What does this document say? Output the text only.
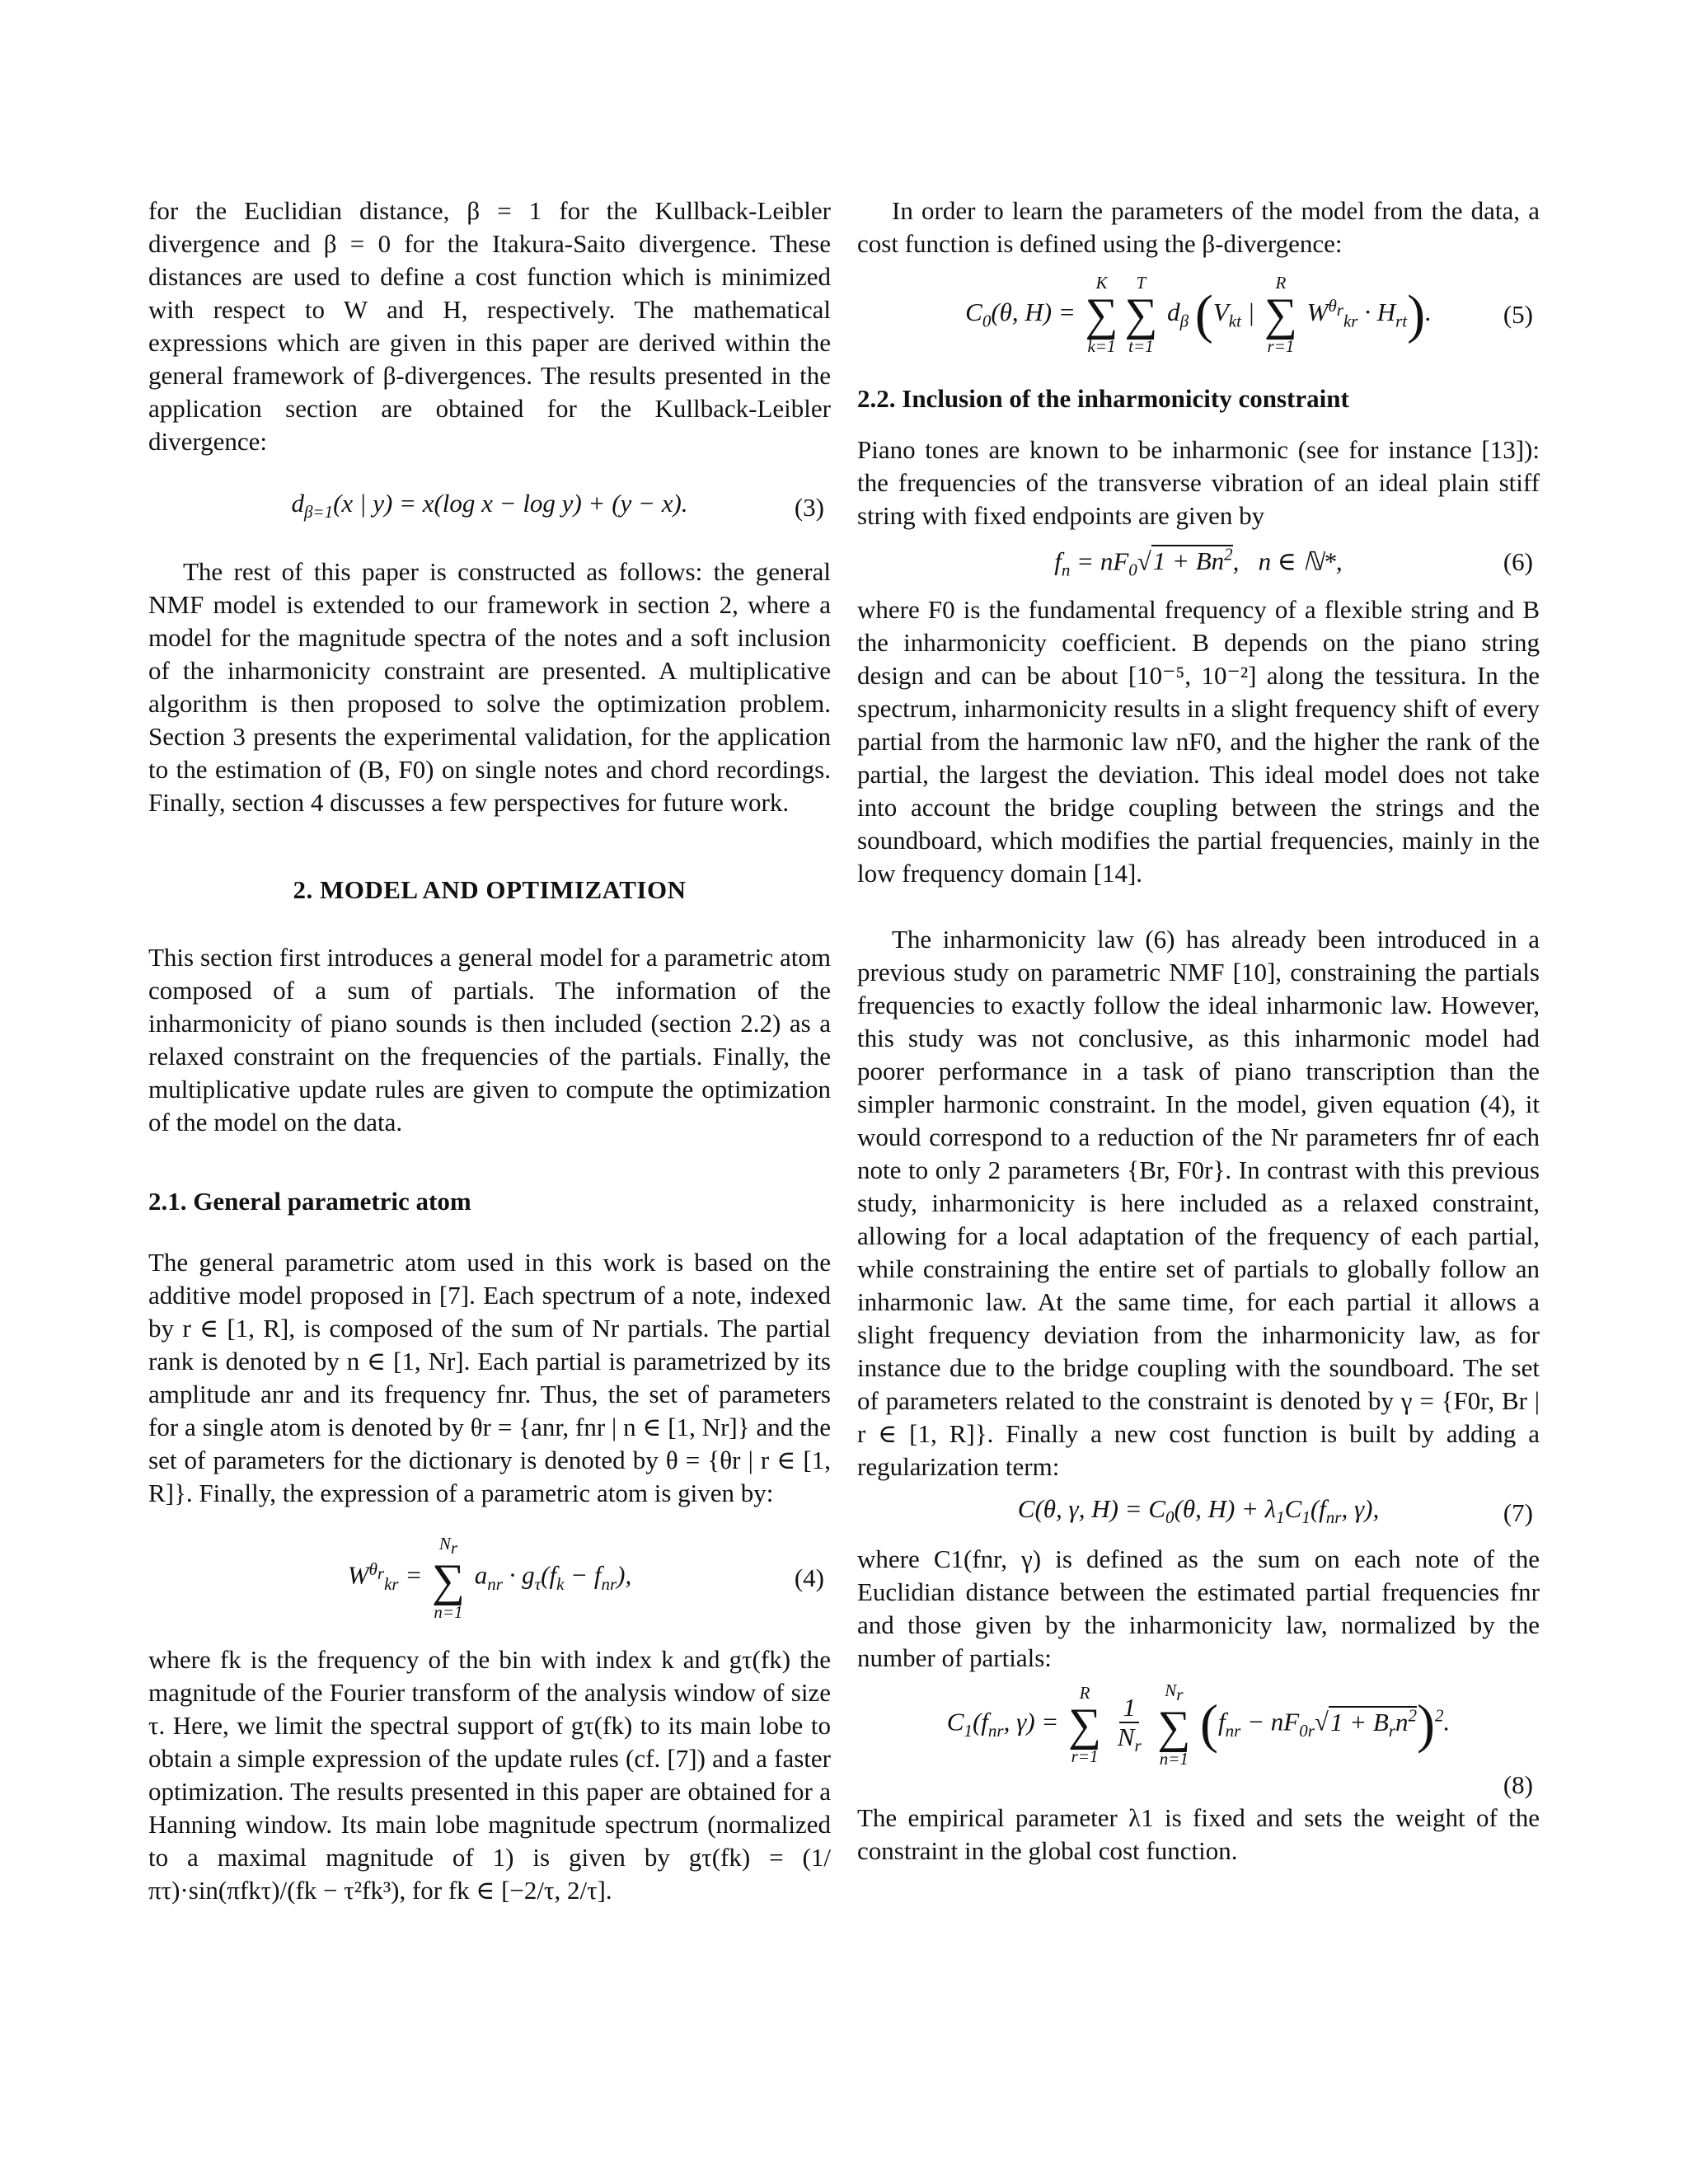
for the Euclidian distance, β = 1 for the Kullback-Leibler divergence and β = 0 for the Itakura-Saito divergence. These distances are used to define a cost function which is minimized with respect to W and H, respectively. The mathematical expressions which are given in this paper are derived within the general framework of β-divergences. The results presented in the application section are obtained for the Kullback-Leibler divergence:

$d_{\beta=1}(x$ | y) = x(log x − log y) + (y − x).	(3)

The rest of this paper is constructed as follows: the general NMF model is extended to our framework in section 2, where a model for the magnitude spectra of the notes and a soft inclusion of the inharmonicity constraint are presented. A multiplicative algorithm is then proposed to solve the optimization problem. Section 3 presents the experimental validation, for the application to the estimation of (B, F0) on single notes and chord recordings. Finally, section 4 discusses a few perspectives for future work.

2. MODEL AND OPTIMIZATION

This section first introduces a general model for a parametric atom composed of a sum of partials. The information of the inharmonicity of piano sounds is then included (section 2.2) as a relaxed constraint on the frequencies of the partials. Finally, the multiplicative update rules are given to compute the optimization of the model on the data.

2.1. General parametric atom

The general parametric atom used in this work is based on the additive model proposed in [7]. Each spectrum of a note, indexed by r ∈ [1, R], is composed of the sum of Nr partials. The partial rank is denoted by n ∈ [1, Nr]. Each partial is parametrized by its amplitude anr and its frequency fnr. Thus, the set of parameters for a single atom is denoted by θr = {anr, fnr | n ∈ [1, Nr]} and the set of parameters for the dictionary is denoted by θ = {θr | r ∈ [1, R]}. Finally, the expression of a parametric atom is given by:

$W^{\theta_r}_{kr}$ =
$N_r$
∑
n=1
$a_{nr} \cdot g_\tau(f_k - f_{nr})$,	(4)

where fk is the frequency of the bin with index k and gτ(fk) the magnitude of the Fourier transform of the analysis window of size τ. Here, we limit the spectral support of gτ(fk) to its main lobe to obtain a simple expression of the update rules (cf. [7]) and a faster optimization. The results presented in this paper are obtained for a Hanning window. Its main lobe magnitude spectrum (normalized to a maximal magnitude of 1) is given by gτ(fk) = (1/πτ)·sin(πfkτ)/(fk − τ²fk³), for fk ∈ [−2/τ, 2/τ].

In order to learn the parameters of the model from the data, a cost function is defined using the β-divergence:

$C_0(\theta$, H) =
K
∑
k=1
T
∑
t=1
$d_\beta$ ($V_{kt}$ |
R
∑
r=1
$W^{\theta_r}_{kr} \cdot H_{rt}$).	(5)
2.2. Inclusion of the inharmonicity constraint

Piano tones are known to be inharmonic (see for instance [13]): the frequencies of the transverse vibration of an ideal plain stiff string with fixed endpoints are given by

$f_n = nF_0√1 + Bn^2$,   n ∈ ℕ*,	(6)

where F0 is the fundamental frequency of a flexible string and B the inharmonicity coefficient. B depends on the piano string design and can be about [10⁻⁵, 10⁻²] along the tessitura. In the spectrum, inharmonicity results in a slight frequency shift of every partial from the harmonic law nF0, and the higher the rank of the partial, the largest the deviation. This ideal model does not take into account the bridge coupling between the strings and the soundboard, which modifies the partial frequencies, mainly in the low frequency domain [14].

The inharmonicity law (6) has already been introduced in a previous study on parametric NMF [10], constraining the partials frequencies to exactly follow the ideal inharmonic law. However, this study was not conclusive, as this inharmonic model had poorer performance in a task of piano transcription than the simpler harmonic constraint. In the model, given equation (4), it would correspond to a reduction of the Nr parameters fnr of each note to only 2 parameters {Br, F0r}. In contrast with this previous study, inharmonicity is here included as a relaxed constraint, allowing for a local adaptation of the frequency of each partial, while constraining the entire set of partials to globally follow an inharmonic law. At the same time, for each partial it allows a slight frequency deviation from the inharmonicity law, as for instance due to the bridge coupling with the soundboard. The set of parameters related to the constraint is denoted by γ = {F0r, Br | r ∈ [1, R]}. Finally a new cost function is built by adding a regularization term:

C(θ, γ, $H) = C_0(\theta$, $H) + \lambda_1C_1(f_{nr}$, γ),	(7)

where C1(fnr, γ) is defined as the sum on each note of the Euclidian distance between the estimated partial frequencies fnr and those given by the inharmonicity law, normalized by the number of partials:

$C_1(f_{nr}$, γ) =
R
∑
r=1

$\frac{1}{N_r}$

$N_r$
∑
n=1
$(f_{nr} - nF_{0r}√1 + B_rn^2)^2$.
(8)

The empirical parameter λ1 is fixed and sets the weight of the constraint in the global cost function.
